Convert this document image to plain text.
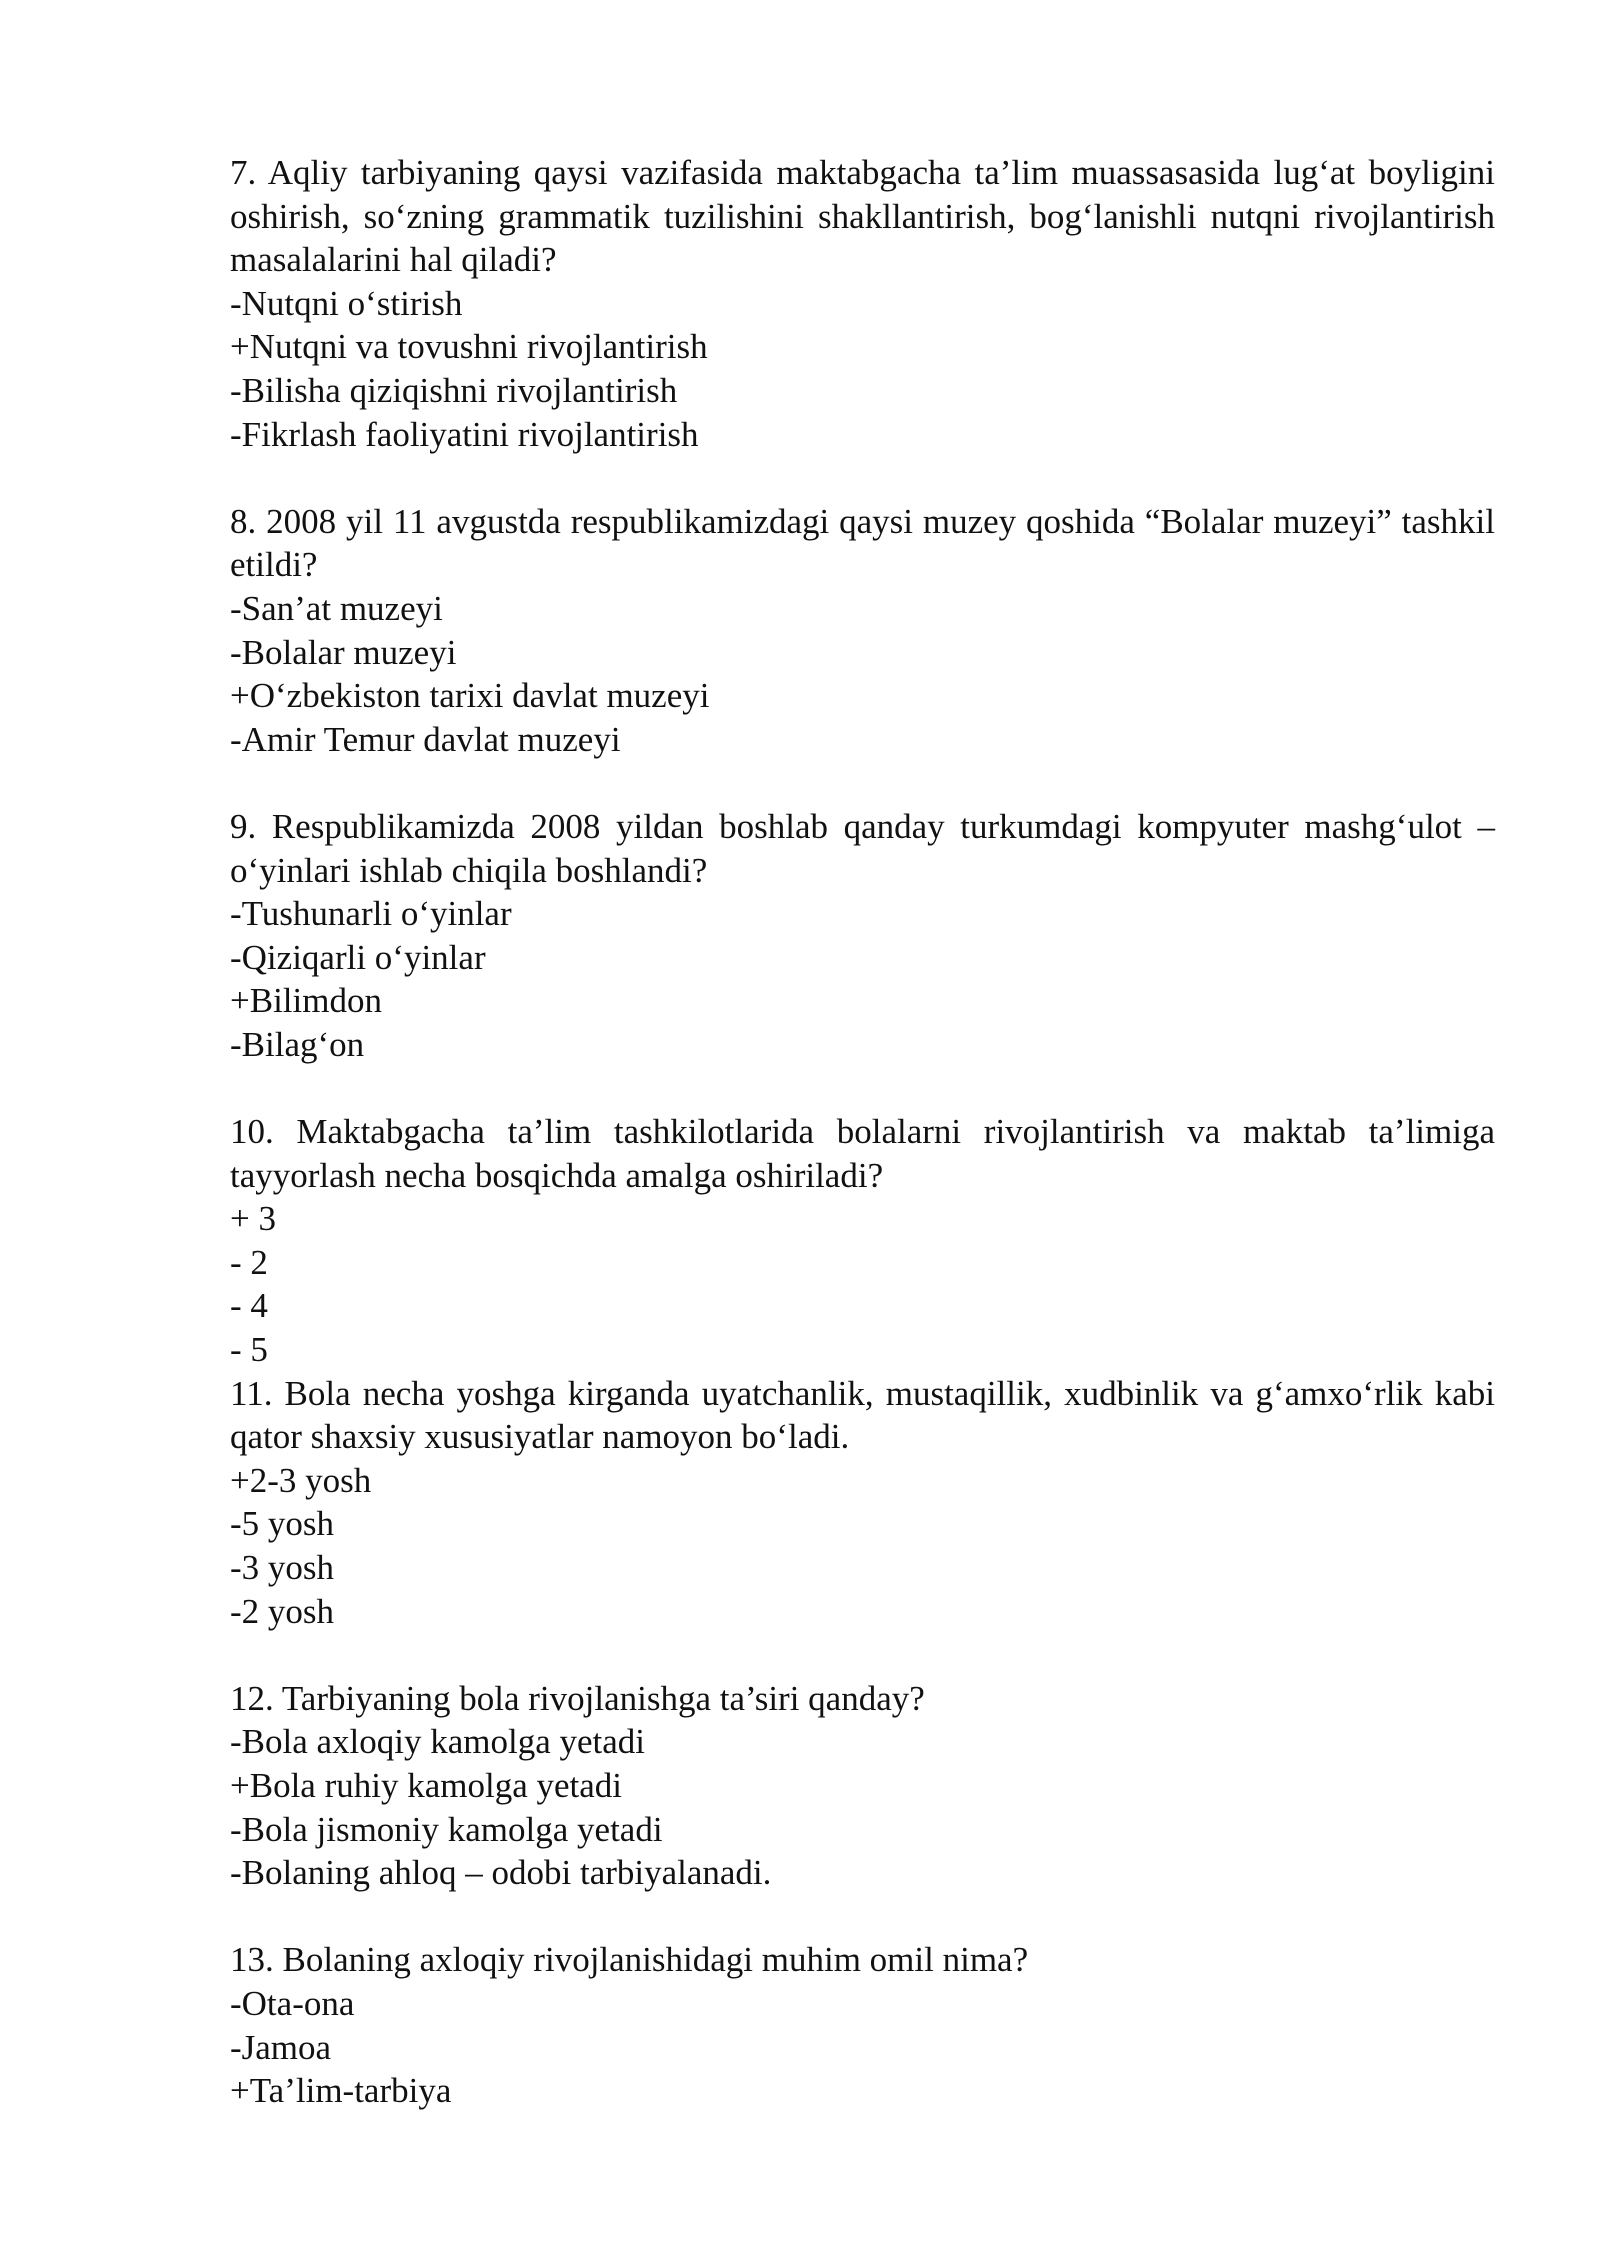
7. Aqliy tarbiyaning qaysi vazifasida maktabgacha ta’lim muassasasida lug‘at boyligini oshirish, so‘zning grammatik tuzilishini shakllantirish, bog‘lanishli nutqni rivojlantirish masalalarini hal qiladi?

-Nutqni o‘stirish

+Nutqni va tovushni rivojlantirish

-Bilisha qiziqishni rivojlantirish

-Fikrlash faoliyatini rivojlantirish

8. 2008 yil 11 avgustda respublikamizdagi qaysi muzey qoshida “Bolalar muzeyi” tashkil etildi?

-San’at muzeyi

-Bolalar muzeyi

+O‘zbekiston tarixi davlat muzeyi

-Amir Temur davlat muzeyi

9. Respublikamizda 2008 yildan boshlab qanday turkumdagi kompyuter mashg‘ulot – o‘yinlari ishlab chiqila boshlandi?

-Tushunarli o‘yinlar

-Qiziqarli o‘yinlar

+Bilimdon

-Bilag‘on

10. Maktabgacha ta’lim tashkilotlarida bolalarni rivojlantirish va maktab ta’limiga tayyorlash necha bosqichda amalga oshiriladi?

+ 3

- 2

- 4

- 5

11. Bola necha yoshga kirganda uyatchanlik, mustaqillik, xudbinlik va g‘amxo‘rlik kabi qator shaxsiy xususiyatlar namoyon bo‘ladi.

+2-3 yosh

-5 yosh

-3 yosh

-2 yosh

12. Tarbiyaning bola rivojlanishga ta’siri qanday?

-Bola axloqiy kamolga yetadi

+Bola ruhiy kamolga yetadi

-Bola jismoniy kamolga yetadi

-Bolaning ahloq – odobi tarbiyalanadi.

13. Bolaning axloqiy rivojlanishidagi muhim omil nima?

-Ota-ona

-Jamoa

+Ta’lim-tarbiya
